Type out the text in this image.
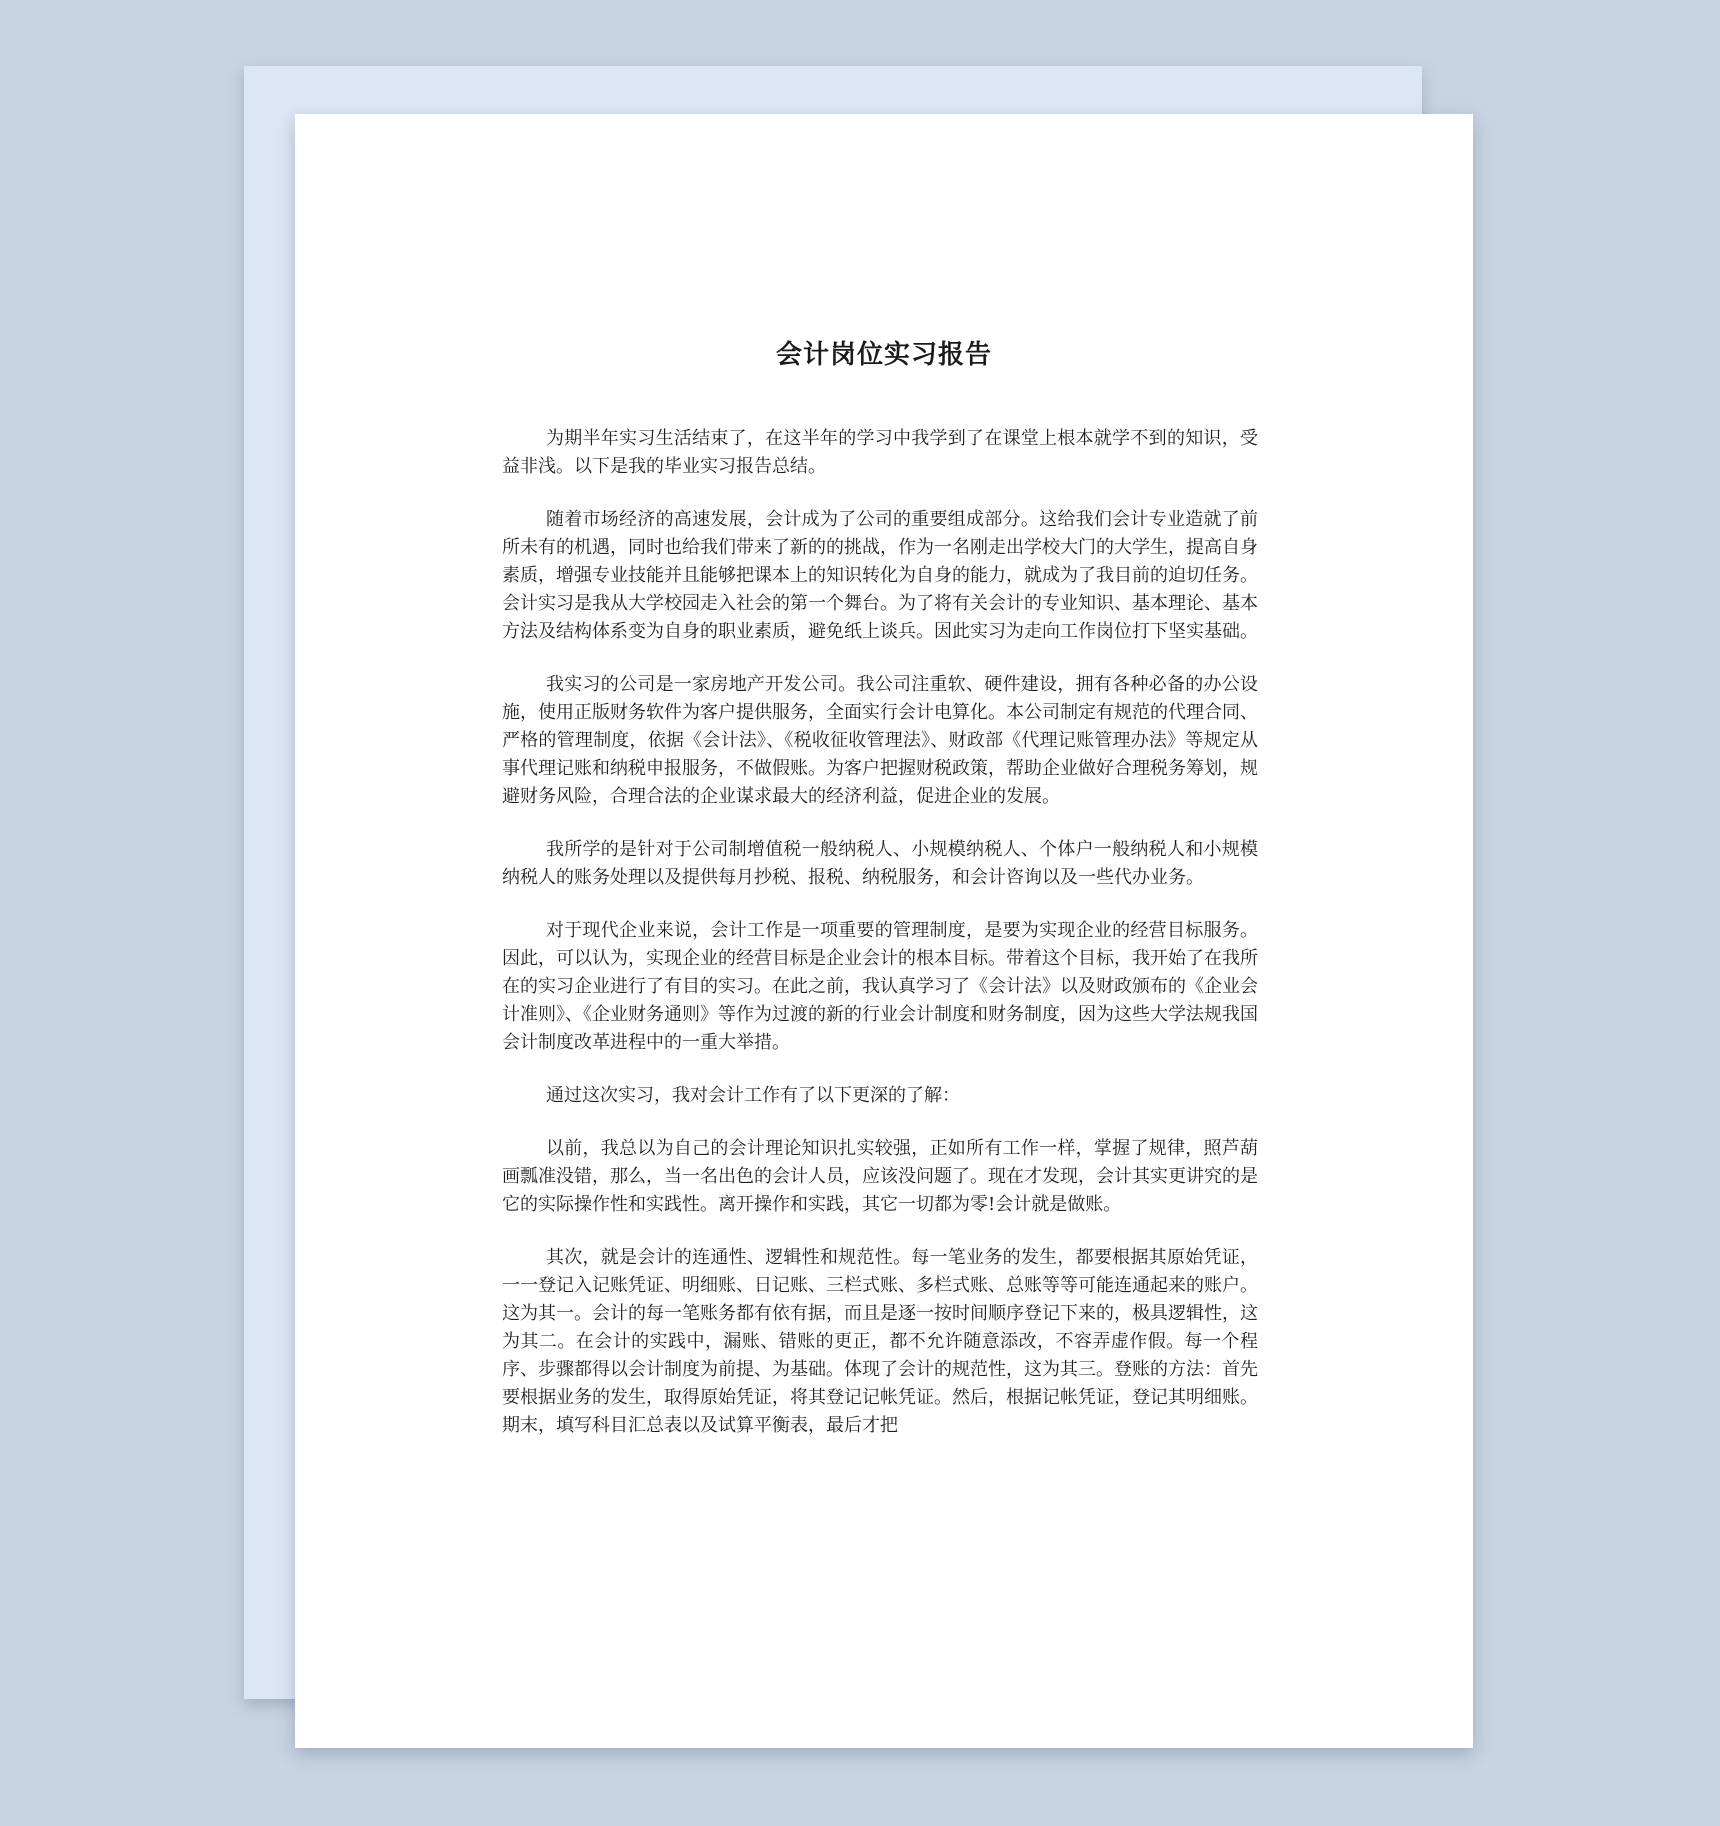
会计岗位实习报告

为期半年实习生活结束了，在这半年的学习中我学到了在课堂上根本就学不到的知识，受益非浅。以下是我的毕业实习报告总结。

随着市场经济的高速发展，会计成为了公司的重要组成部分。这给我们会计专业造就了前所未有的机遇，同时也给我们带来了新的的挑战，作为一名刚走出学校大门的大学生，提高自身素质，增强专业技能并且能够把课本上的知识转化为自身的能力，就成为了我目前的迫切任务。会计实习是我从大学校园走入社会的第一个舞台。为了将有关会计的专业知识、基本理论、基本方法及结构体系变为自身的职业素质，避免纸上谈兵。因此实习为走向工作岗位打下坚实基础。

我实习的公司是一家房地产开发公司。我公司注重软、硬件建设，拥有各种必备的办公设施，使用正版财务软件为客户提供服务，全面实行会计电算化。本公司制定有规范的代理合同、严格的管理制度，依据《会计法》、《税收征收管理法》、财政部《代理记账管理办法》等规定从事代理记账和纳税申报服务，不做假账。为客户把握财税政策，帮助企业做好合理税务筹划，规避财务风险，合理合法的企业谋求最大的经济利益，促进企业的发展。

我所学的是针对于公司制增值税一般纳税人、小规模纳税人、个体户一般纳税人和小规模纳税人的账务处理以及提供每月抄税、报税、纳税服务，和会计咨询以及一些代办业务。

对于现代企业来说，会计工作是一项重要的管理制度，是要为实现企业的经营目标服务。因此，可以认为，实现企业的经营目标是企业会计的根本目标。带着这个目标，我开始了在我所在的实习企业进行了有目的实习。在此之前，我认真学习了《会计法》以及财政颁布的《企业会计准则》、《企业财务通则》等作为过渡的新的行业会计制度和财务制度，因为这些大学法规我国会计制度改革进程中的一重大举措。

通过这次实习，我对会计工作有了以下更深的了解：

以前，我总以为自己的会计理论知识扎实较强，正如所有工作一样，掌握了规律，照芦葫画瓢准没错，那么，当一名出色的会计人员，应该没问题了。现在才发现，会计其实更讲究的是它的实际操作性和实践性。离开操作和实践，其它一切都为零!会计就是做账。

其次，就是会计的连通性、逻辑性和规范性。每一笔业务的发生，都要根据其原始凭证，一一登记入记账凭证、明细账、日记账、三栏式账、多栏式账、总账等等可能连通起来的账户。这为其一。会计的每一笔账务都有依有据，而且是逐一按时间顺序登记下来的，极具逻辑性，这为其二。在会计的实践中，漏账、错账的更正，都不允许随意添改，不容弄虚作假。每一个程序、步骤都得以会计制度为前提、为基础。体现了会计的规范性，这为其三。登账的方法：首先要根据业务的发生，取得原始凭证，将其登记记帐凭证。然后，根据记帐凭证，登记其明细账。期末，填写科目汇总表以及试算平衡表，最后才把
